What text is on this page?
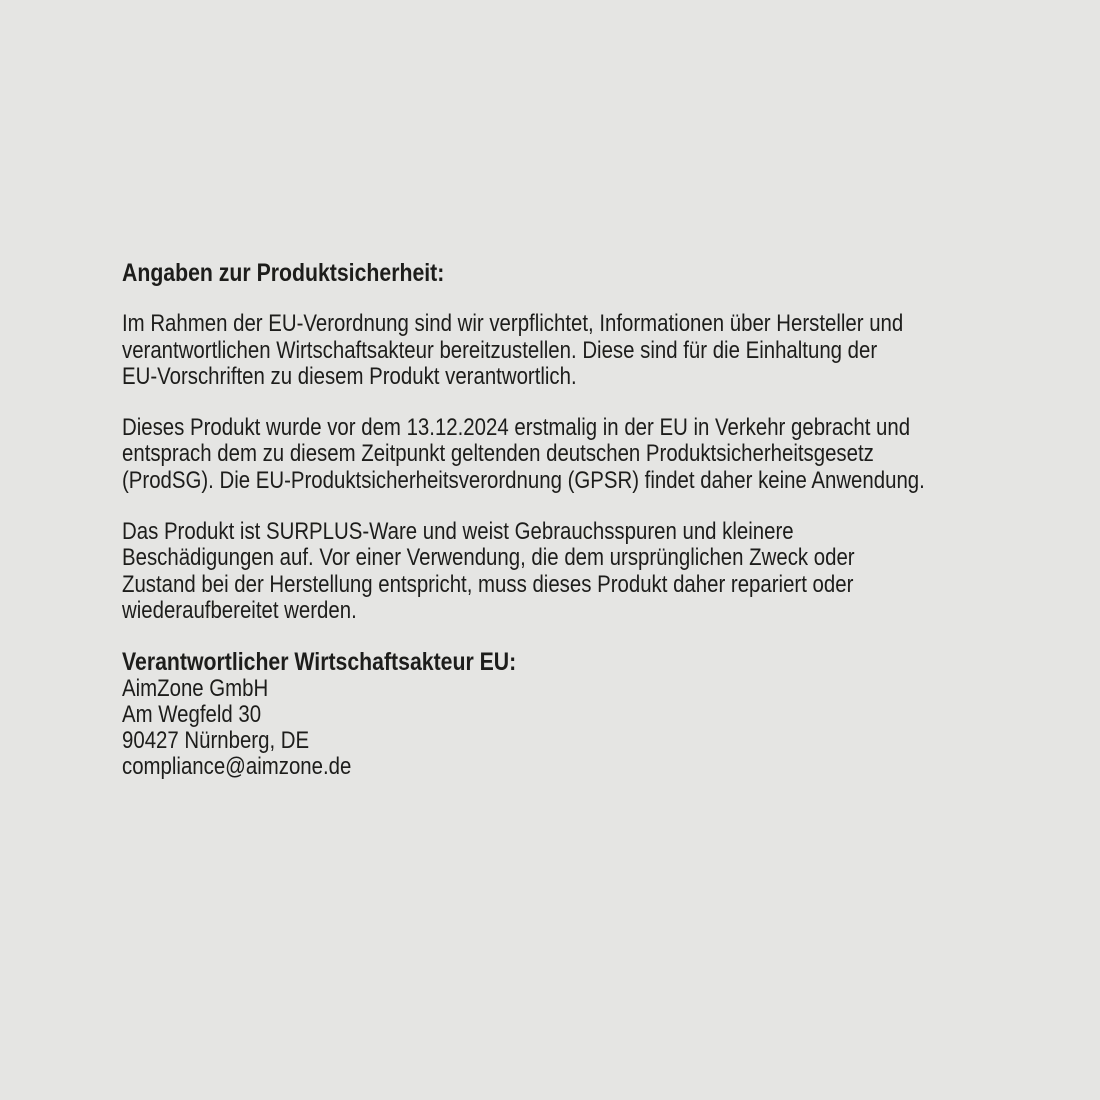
Angaben zur Produktsicherheit:
Im Rahmen der EU-Verordnung sind wir verpflichtet, Informationen über Hersteller und
verantwortlichen Wirtschaftsakteur bereitzustellen. Diese sind für die Einhaltung der
EU-Vorschriften zu diesem Produkt verantwortlich.
Dieses Produkt wurde vor dem 13.12.2024 erstmalig in der EU in Verkehr gebracht und
entsprach dem zu diesem Zeitpunkt geltenden deutschen Produktsicherheitsgesetz
(ProdSG). Die EU-Produktsicherheitsverordnung (GPSR) findet daher keine Anwendung.
Das Produkt ist SURPLUS-Ware und weist Gebrauchsspuren und kleinere
Beschädigungen auf. Vor einer Verwendung, die dem ursprünglichen Zweck oder
Zustand bei der Herstellung entspricht, muss dieses Produkt daher repariert oder
wiederaufbereitet werden.
Verantwortlicher Wirtschaftsakteur EU:
AimZone GmbH
Am Wegfeld 30
90427 Nürnberg, DE
compliance@aimzone.de
